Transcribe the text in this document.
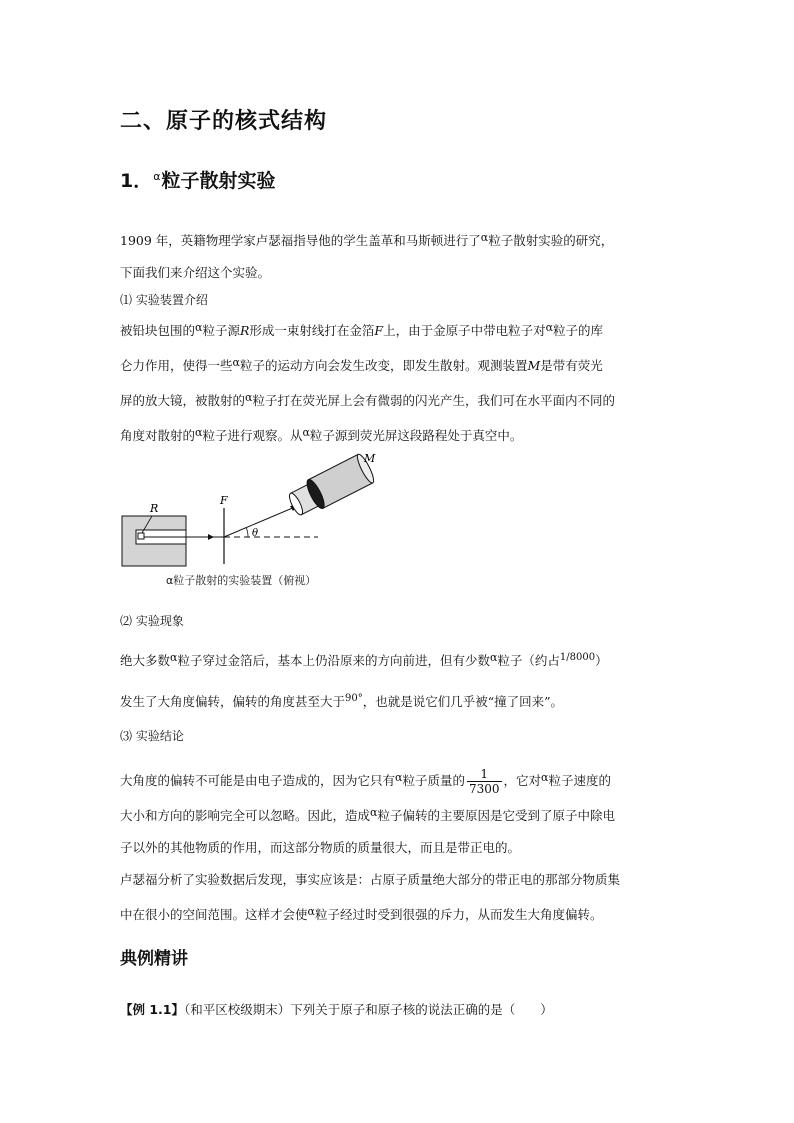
二、原子的核式结构
1．$^\alpha$粒子散射实验
1909 年，英籍物理学家卢瑟福指导他的学生盖革和马斯顿进行了α粒子散射实验的研究，
下面我们来介绍这个实验。
⑴ 实验装置介绍
被铅块包围的α粒子源R形成一束射线打在金箔F上，由于金原子中带电粒子对α粒子的库
仑力作用，使得一些α粒子的运动方向会发生改变，即发生散射。观测装置M是带有荧光
屏的放大镜，被散射的α粒子打在荧光屏上会有微弱的闪光产生，我们可在水平面内不同的
角度对散射的α粒子进行观察。从α粒子源到荧光屏这段路程处于真空中。
R
F
θ
M
α粒子散射的实验装置（俯视）
⑵ 实验现象
绝大多数α粒子穿过金箔后，基本上仍沿原来的方向前进，但有少数α粒子（约占$^{1/8000}$）
发生了大角度偏转，偏转的角度甚至大于$^{90^\circ}$，也就是说它们几乎被“撞了回来”。
⑶ 实验结论
大角度的偏转不可能是由电子造成的，因为它只有α粒子质量的 $\frac{1}{7300}$ ，它对α粒子速度的
大小和方向的影响完全可以忽略。因此，造成α粒子偏转的主要原因是它受到了原子中除电
子以外的其他物质的作用，而这部分物质的质量很大，而且是带正电的。
卢瑟福分析了实验数据后发现，事实应该是：占原子质量绝大部分的带正电的那部分物质集
中在很小的空间范围。这样才会使α粒子经过时受到很强的斥力，从而发生大角度偏转。
典例精讲
【例 1.1】（和平区校级期末）下列关于原子和原子核的说法正确的是（　　）
